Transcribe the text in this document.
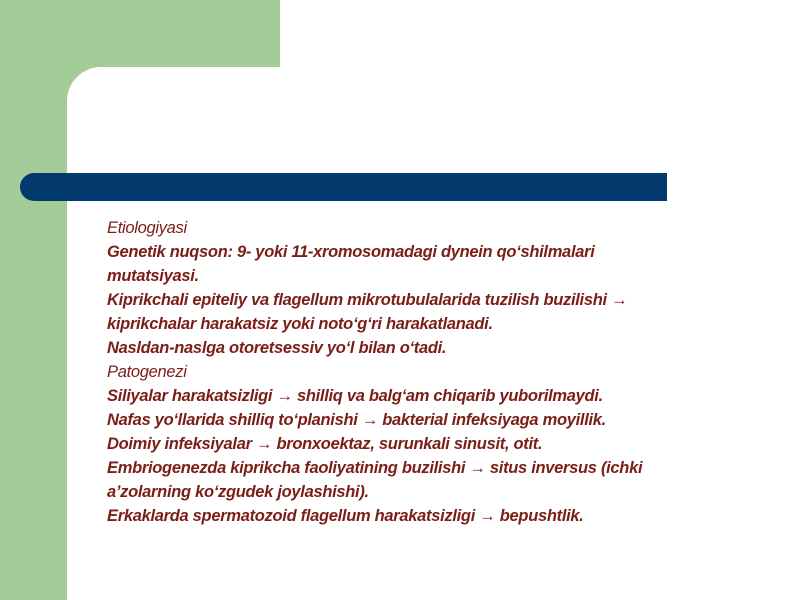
Etiologiyasi
Genetik nuqson: 9- yoki 11-xromosomadagi dynein qo‘shilmalari mutatsiyasi.
Kiprikchali epiteliy va flagellum mikrotubulalarida tuzilish buzilishi → kiprikchalar harakatsiz yoki noto‘g‘ri harakatlanadi.
Nasldan-naslga otoretsessiv yo‘l bilan o‘tadi.
Patogenezi
Siliyalar harakatsizligi → shilliq va balg‘am chiqarib yuborilmaydi.
Nafas yo‘llarida shilliq to‘planishi → bakterial infeksiyaga moyillik.
Doimiy infeksiyalar → bronxoektaz, surunkali sinusit, otit.
Embriogenezda kiprikcha faoliyatining buzilishi → situs inversus (ichki a’zolarning ko‘zgudek joylashishi).
Erkaklarda spermatozoid flagellum harakatsizligi → bepushtlik.
